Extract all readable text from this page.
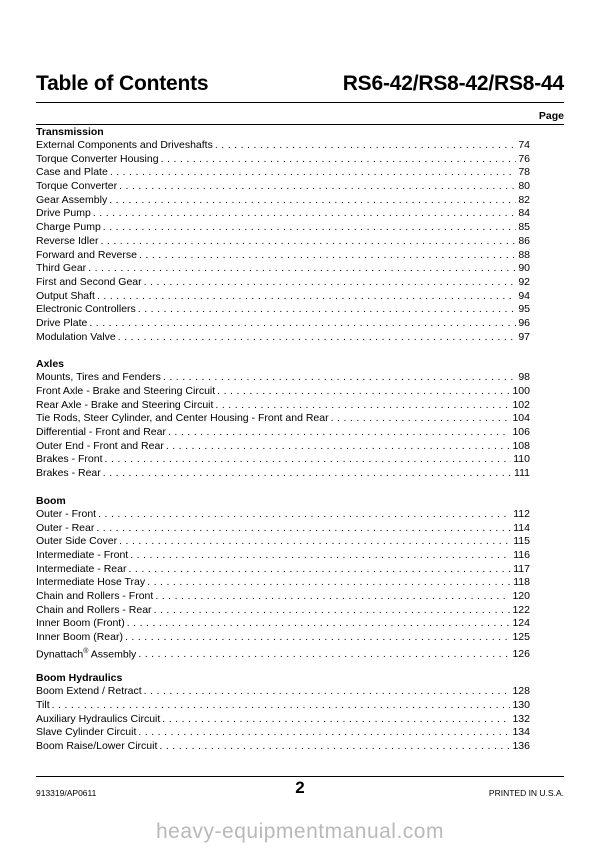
Table of Contents	RS6-42/RS8-42/RS8-44
Page
Transmission
External Components and Driveshafts . . .	74
Torque Converter Housing . . .	76
Case and Plate . . .	78
Torque Converter . . .	80
Gear Assembly . . .	82
Drive Pump . . .	84
Charge Pump . . .	85
Reverse Idler . . .	86
Forward and Reverse . . .	88
Third Gear . . .	90
First and Second Gear . . .	92
Output Shaft . . .	94
Electronic Controllers . . .	95
Drive Plate . . .	96
Modulation Valve . . .	97
Axles
Mounts, Tires and Fenders . . .	98
Front Axle - Brake and Steering Circuit . . .	100
Rear Axle - Brake and Steering Circuit . . .	102
Tie Rods, Steer Cylinder, and Center Housing - Front and Rear . . .	104
Differential - Front and Rear . . .	106
Outer End - Front and Rear . . .	108
Brakes - Front . . .	110
Brakes - Rear . . .	111
Boom
Outer - Front . . .	112
Outer - Rear . . .	114
Outer Side Cover . . .	115
Intermediate - Front . . .	116
Intermediate - Rear . . .	117
Intermediate Hose Tray . . .	118
Chain and Rollers - Front . . .	120
Chain and Rollers - Rear . . .	122
Inner Boom (Front) . . .	124
Inner Boom (Rear) . . .	125
Dynattach® Assembly . . .	126
Boom Hydraulics
Boom Extend / Retract . . .	128
Tilt . . .	130
Auxiliary Hydraulics Circuit . . .	132
Slave Cylinder Circuit . . .	134
Boom Raise/Lower Circuit . . .	136
913319/AP0611	2	PRINTED IN U.S.A.
heavy-equipmentmanual.com
